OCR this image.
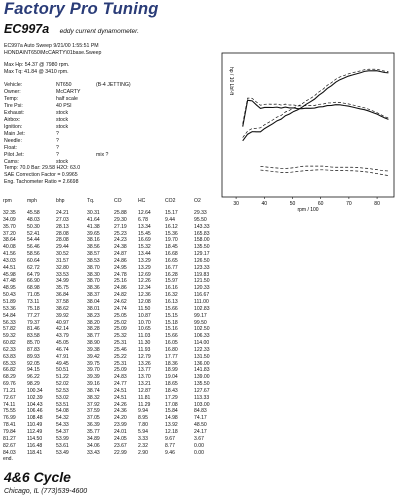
Factory Pro Tuning
EC997a eddy current dynamometer.
EC997a Auto Sweep 9/21/00 1:55:51 PM
HONDA\NT650\McCARTY\01base.Sweep
Max Hp: 54.37 @ 7980 rpm.
Max Tq: 41.84 @ 3410 rpm.
Vehicle:	NT650	(B-4 JETTING)
Owner:	McCARTY
Temp:	half scale
Tire Psi:	40 PSI
Exhaust:	stock
Airbox:	stock
Ignition:	stock
Main Jet:	?
Needle:	?
Float:	?
Pilot Jet:	?	mix ?
Cams:	stock
Temp: 70.0 Bar: 29.58 H2O: 63.0
SAE Correction Factor = 0.9965
Eng. Tachometer Ratio = 2.6698
30	40	50	60	70	80
rpm / 100
hp / 10 Lbf-ft
rpm	mph	bhp	Tq.	CO	HC	CO2	O2
32.35	45.58	24.21	30.31	25.88	12.64	15.17	29.33
34.09	48.03	27.03	41.64	29.30	6.78	9.44	95.50
35.70	50.30	28.13	41.38	27.19	13.34	16.12	143.33
37.20	52.41	28.08	39.65	25.23	15.45	15.36	165.83
38.64	54.44	28.08	38.16	24.23	16.69	19.70	158.00
40.08	56.46	29.44	38.56	24.38	15.32	18.45	135.50
41.56	58.56	30.52	38.57	24.87	13.44	16.68	129.17
43.03	60.64	31.57	38.53	24.86	13.29	16.65	126.50
44.51	62.72	32.80	38.70	24.95	13.29	16.77	123.33
45.98	64.79	33.53	38.30	24.78	12.69	16.28	119.83
47.48	66.90	34.99	38.70	25.16	12.26	15.97	121.50
48.95	68.98	35.75	38.36	24.86	12.34	16.16	120.33
50.43	71.05	36.84	38.37	24.82	12.36	16.32	116.67
51.89	73.11	37.58	38.04	24.62	12.08	16.13	111.00
53.36	75.18	38.62	38.01	24.74	11.50	15.66	102.83
54.84	77.27	39.92	38.23	25.05	10.87	15.15	99.17
56.33	79.37	40.97	38.20	25.02	10.70	15.18	99.50
57.82	81.46	42.14	38.28	25.09	10.65	15.16	102.50
59.32	83.58	43.79	38.77	25.32	11.03	15.66	106.33
60.82	85.70	45.05	38.90	25.31	11.30	16.05	114.00
62.33	87.83	46.74	39.38	25.46	11.93	16.80	122.33
63.83	89.93	47.91	39.42	25.22	12.79	17.77	131.50
65.33	92.05	49.45	39.75	25.31	13.26	18.36	136.00
66.82	94.15	50.51	39.70	25.09	13.77	18.99	141.83
68.29	96.22	51.22	39.39	24.83	13.70	19.04	139.00
69.76	98.29	52.02	39.16	24.77	13.21	18.65	135.50
71.21	100.34	52.53	38.74	24.51	12.87	18.43	127.67
72.67	102.39	53.02	38.32	24.51	11.81	17.29	113.33
74.11	104.43	53.51	37.92	24.26	11.29	17.08	103.00
75.55	106.46	54.08	37.59	24.36	9.94	15.84	84.83
76.99	108.48	54.32	37.05	24.20	8.95	14.98	74.17
78.41	110.49	54.33	36.39	23.99	7.80	13.92	48.50
79.84	112.49	54.37	35.77	24.01	5.94	12.18	24.17
81.27	114.50	53.99	34.89	24.05	3.33	9.67	3.67
82.67	116.48	53.61	34.06	23.67	2.32	8.77	0.00
84.03	118.41	53.49	33.43	22.99	2.90	9.46	0.00
end.
4&6 Cycle
Chicago, IL (773)539-4600
